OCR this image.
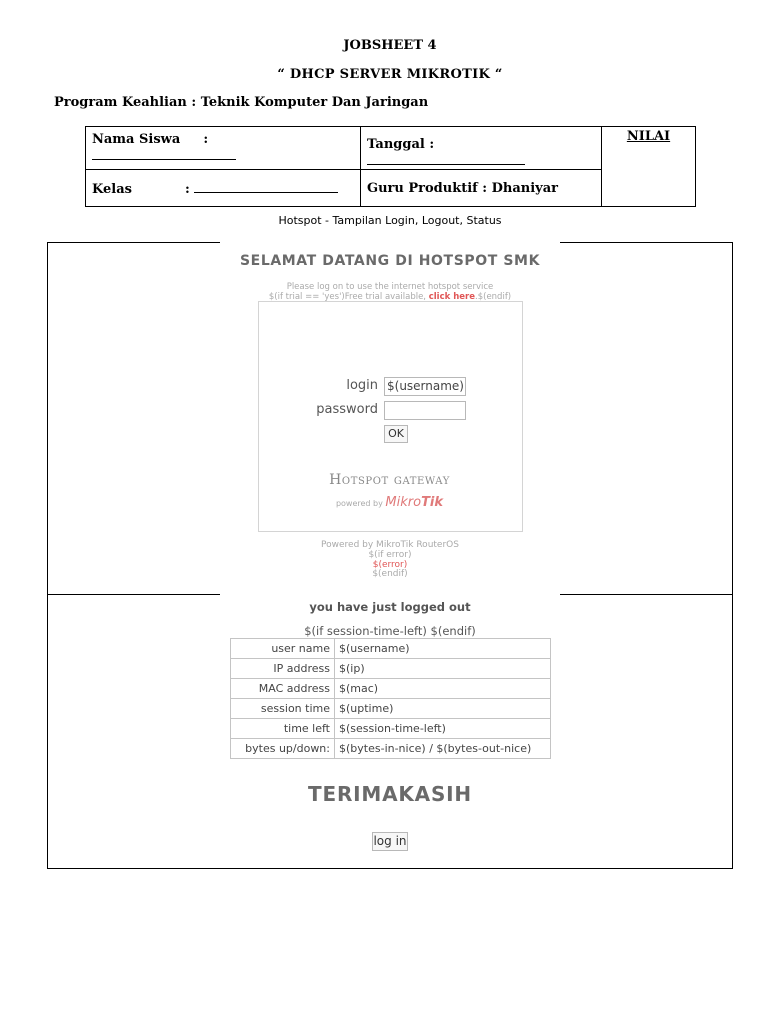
JOBSHEET 4
“ DHCP SERVER MIKROTIK “
Program Keahlian : Teknik Komputer Dan Jaringan
Nama Siswa :	Tanggal :	NILAI
Kelas :	Guru Produktif : Dhaniyar	
Hotspot - Tampilan Login, Logout, Status
SELAMAT DATANG DI HOTSPOT SMK
Please log on to use the internet hotspot service
$(if trial == 'yes')Free trial available, click here.$(endif)
login $(username)
password
OK
Hotspot gateway
powered by MikroTik
Powered by MikroTik RouterOS
$(if error)
$(error)
$(endif)
you have just logged out
$(if session-time-left) $(endif)
user name	$(username)
IP address	$(ip)
MAC address	$(mac)
session time	$(uptime)
time left	$(session-time-left)
bytes up/down:	$(bytes-in-nice) / $(bytes-out-nice)
TERIMAKASIH
log in
